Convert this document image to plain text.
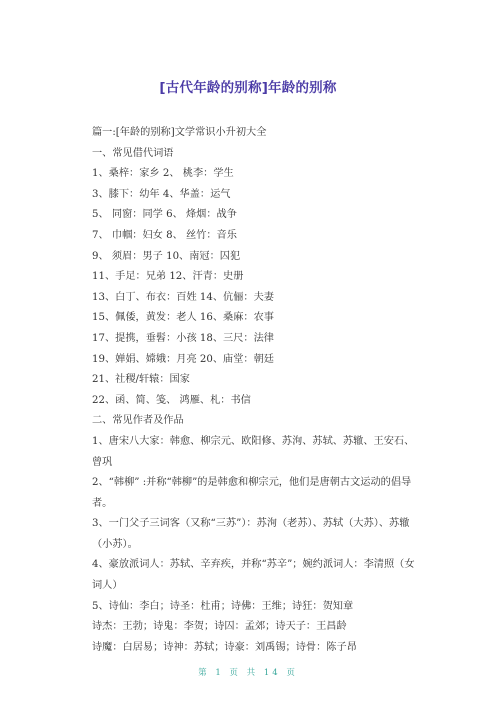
[古代年龄的别称]年龄的别称

篇一:[年龄的别称]文学常识小升初大全

一、常见借代词语

1、桑梓：家乡 2、 桃李：学生

3、膝下：幼年 4、华盖：运气

5、 同窗：同学 6、 烽烟：战争

7、 巾帼：妇女 8、 丝竹：音乐

9、 须眉：男子 10、南冠：囚犯

11、手足：兄弟 12、汗青：史册

13、白丁、布衣：百姓 14、伉俪：夫妻

15、佩倭，黄发：老人 16、桑麻：农事

17、提携，垂髫：小孩 18、三尺：法律

19、婵娟、嫦娥：月亮 20、庙堂：朝廷

21、社稷/轩辕：国家

22、函、简、笺、 鸿雁、札：书信

二、常见作者及作品

1、唐宋八大家：韩愈、柳宗元、欧阳修、苏洵、苏轼、苏辙、王安石、曾巩

2、“韩柳” :并称“韩柳”的是韩愈和柳宗元，他们是唐朝古文运动的倡导者。

3、一门父子三词客（又称“三苏”）：苏洵（老苏）、苏轼（大苏）、苏辙（小苏）。

4、豪放派词人：苏轼、辛弃疾，并称“苏辛”；婉约派词人：李清照（女词人）

5、诗仙：李白；诗圣：杜甫；诗佛：王维；诗狂：贺知章

诗杰：王勃；诗鬼：李贺；诗囚：孟郊；诗天子：王昌龄

诗魔：白居易；诗神：苏轼；诗豪：刘禹锡；诗骨：陈子昂

第 1 页 共 14 页
